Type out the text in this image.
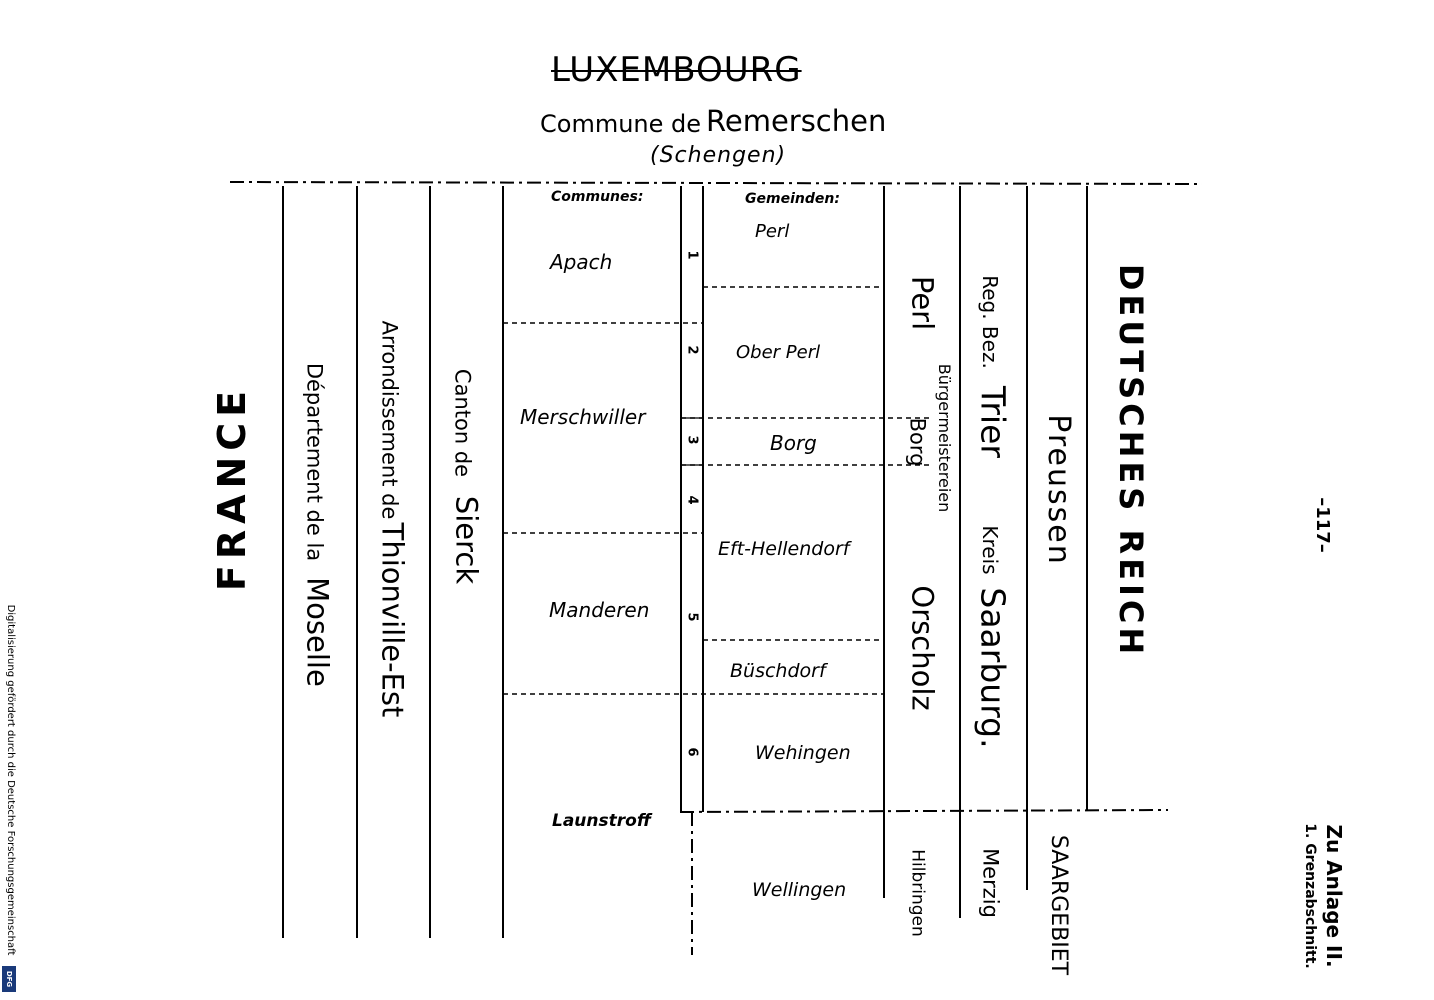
LUXEMBOURG
Commune de Remerschen
(Schengen)
FRANCE Département de la
Moselle
Arrondissement de
Thionville-Est
Canton de
Sierck
Communes:
Apach
Merschwiller
Manderen
Launstroff
1
2
3
4
5
6
Gemeinden:
Perl
Ober Perl
Borg
Eft-Hellendorf
Büschdorf
Wehingen
Wellingen
Perl
Bürgermeistereien
Borg
Orscholz
Hilbringen
Reg. Bez.
Trier
Kreis
Saarburg.
Merzig
Preussen
SAARGEBIET
DEUTSCHES REICH	–117–
Zu Anlage II.
1. Grenzabschnitt.
Digitalisierung gefördert durch die Deutsche Forschungsgemeinschaft
DFG
